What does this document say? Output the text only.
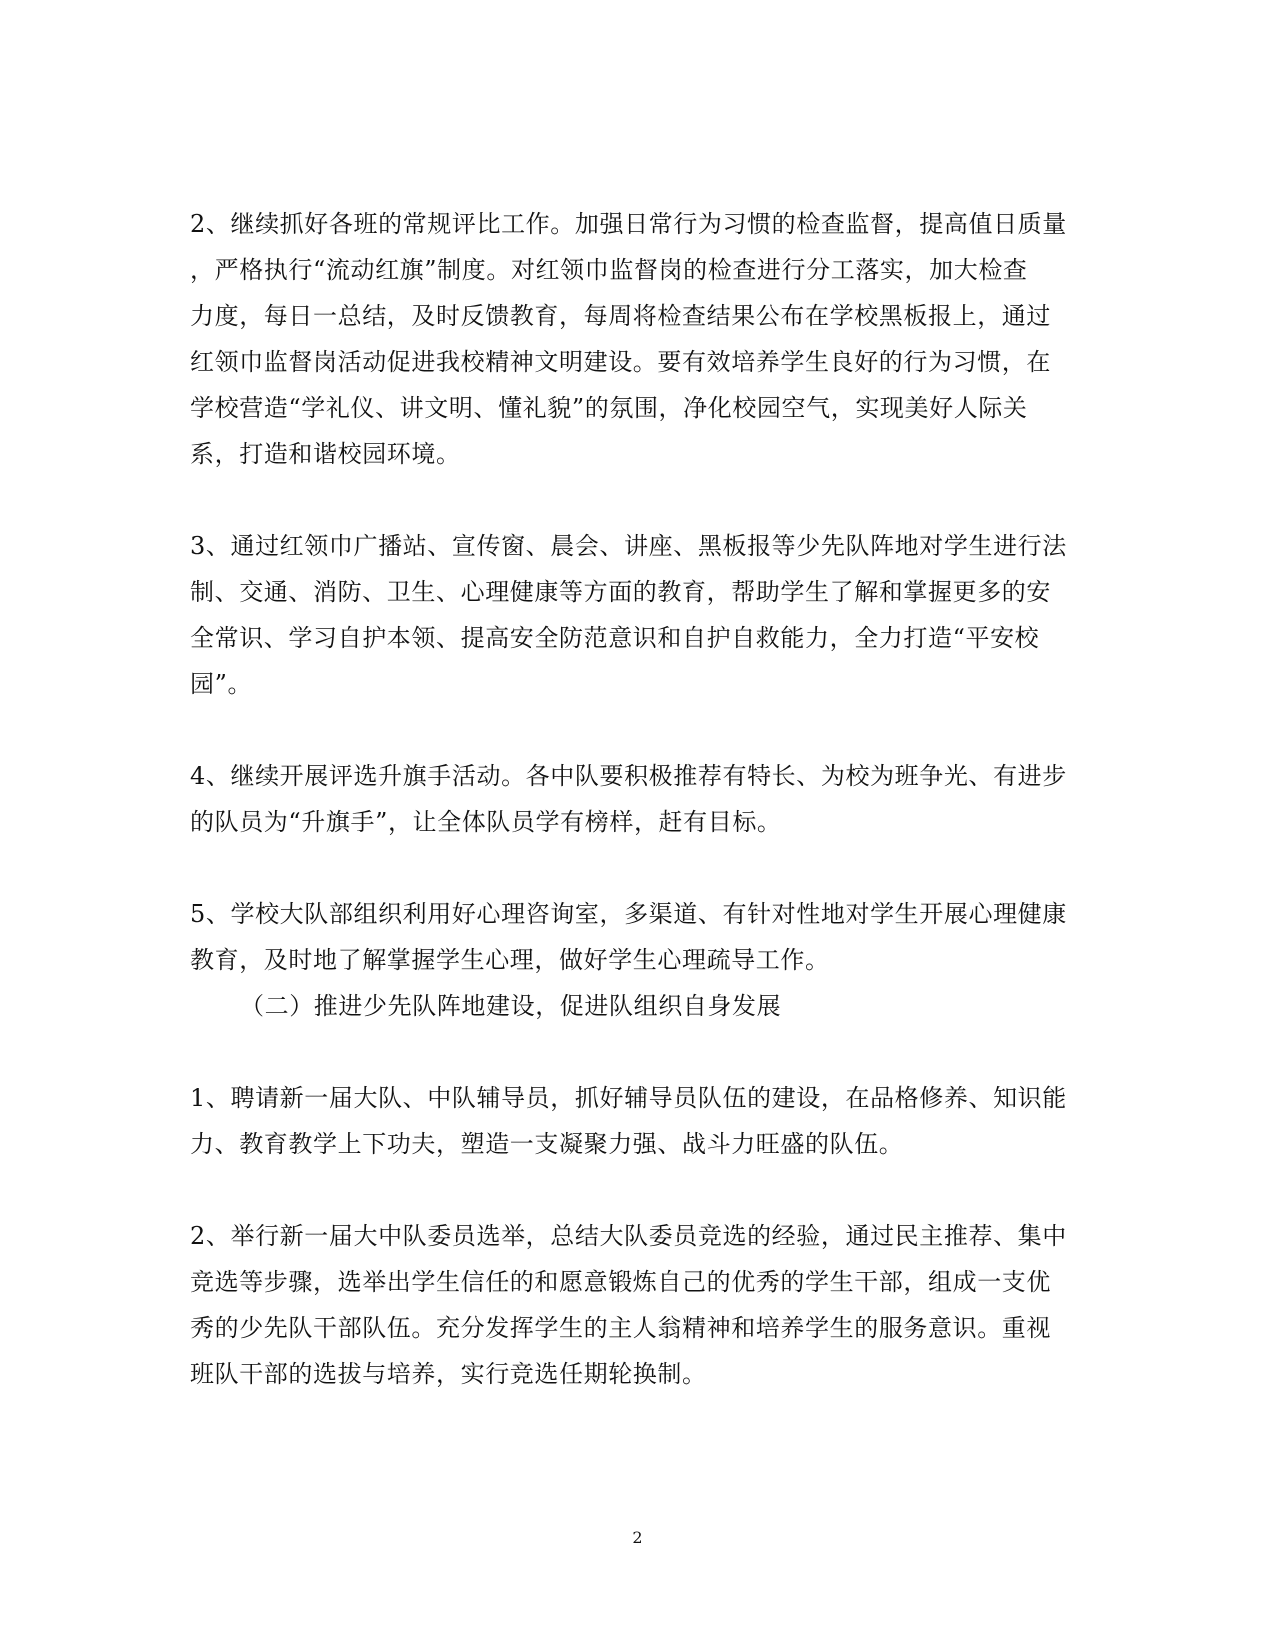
2、继续抓好各班的常规评比工作。加强日常行为习惯的检查监督，提高值日质量
，严格执行“流动红旗”制度。对红领巾监督岗的检查进行分工落实，加大检查
力度，每日一总结，及时反馈教育，每周将检查结果公布在学校黑板报上，通过
红领巾监督岗活动促进我校精神文明建设。要有效培养学生良好的行为习惯，在
学校营造“学礼仪、讲文明、懂礼貌”的氛围，净化校园空气，实现美好人际关
系，打造和谐校园环境。
3、通过红领巾广播站、宣传窗、晨会、讲座、黑板报等少先队阵地对学生进行法
制、交通、消防、卫生、心理健康等方面的教育，帮助学生了解和掌握更多的安
全常识、学习自护本领、提高安全防范意识和自护自救能力，全力打造“平安校
园”。
4、继续开展评选升旗手活动。各中队要积极推荐有特长、为校为班争光、有进步
的队员为“升旗手”，让全体队员学有榜样，赶有目标。
5、学校大队部组织利用好心理咨询室，多渠道、有针对性地对学生开展心理健康
教育，及时地了解掌握学生心理，做好学生心理疏导工作。
（二）推进少先队阵地建设，促进队组织自身发展
1、聘请新一届大队、中队辅导员，抓好辅导员队伍的建设，在品格修养、知识能
力、教育教学上下功夫，塑造一支凝聚力强、战斗力旺盛的队伍。
2、举行新一届大中队委员选举，总结大队委员竞选的经验，通过民主推荐、集中
竞选等步骤，选举出学生信任的和愿意锻炼自己的优秀的学生干部，组成一支优
秀的少先队干部队伍。充分发挥学生的主人翁精神和培养学生的服务意识。重视
班队干部的选拔与培养，实行竞选任期轮换制。
2
